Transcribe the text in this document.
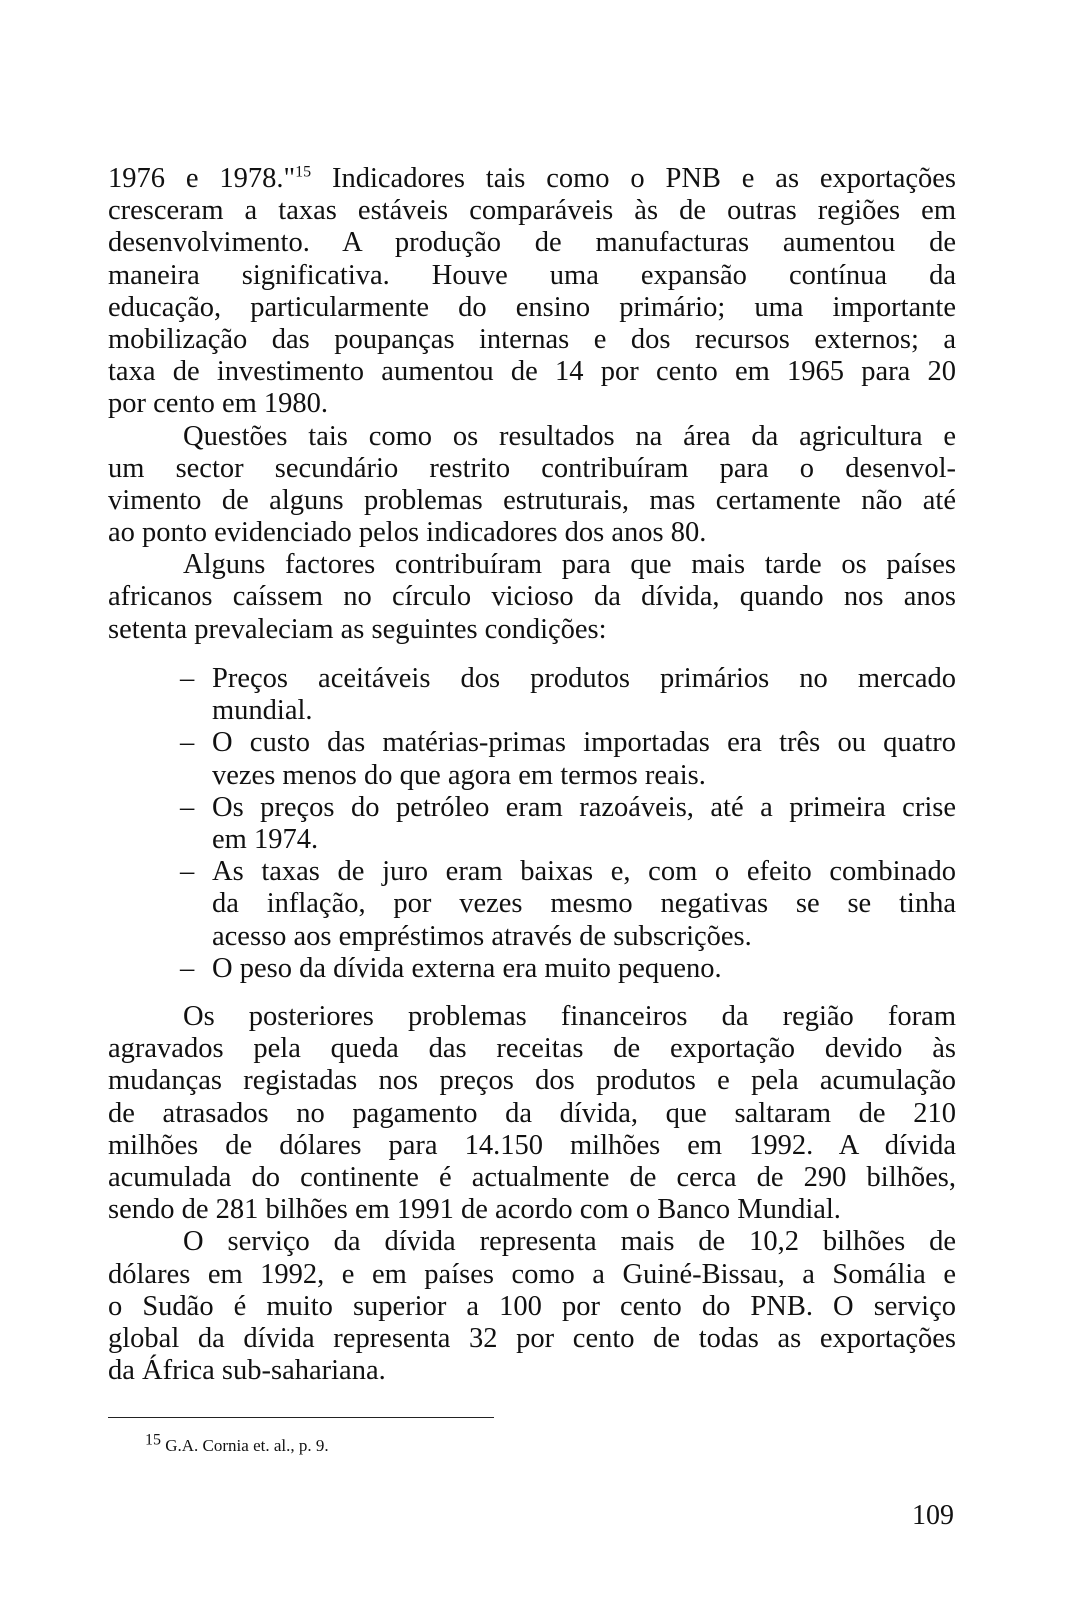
1976 e 1978."$^{15}$ Indicadores tais como o PNB e as exportações
cresceram a taxas estáveis comparáveis às de outras regiões em
desenvolvimento. A produção de manufacturas aumentou de
maneira significativa. Houve uma expansão contínua da
educação, particularmente do ensino primário; uma importante
mobilização das poupanças internas e dos recursos externos; a
taxa de investimento aumentou de 14 por cento em 1965 para 20
por cento em 1980.
Questões tais como os resultados na área da agricultura e
um sector secundário restrito contribuíram para o desenvol-
vimento de alguns problemas estruturais, mas certamente não até
ao ponto evidenciado pelos indicadores dos anos 80.
Alguns factores contribuíram para que mais tarde os países
africanos caíssem no círculo vicioso da dívida, quando nos anos
setenta prevaleciam as seguintes condições:
– Preços aceitáveis dos produtos primários no mercado
mundial.
– O custo das matérias-primas importadas era três ou quatro
vezes menos do que agora em termos reais.
– Os preços do petróleo eram razoáveis, até a primeira crise
em 1974.
– As taxas de juro eram baixas e, com o efeito combinado
da inflação, por vezes mesmo negativas se se tinha
acesso aos empréstimos através de subscrições.
– O peso da dívida externa era muito pequeno.
Os posteriores problemas financeiros da região foram
agravados pela queda das receitas de exportação devido às
mudanças registadas nos preços dos produtos e pela acumulação
de atrasados no pagamento da dívida, que saltaram de 210
milhões de dólares para 14.150 milhões em 1992. A dívida
acumulada do continente é actualmente de cerca de 290 bilhões,
sendo de 281 bilhões em 1991 de acordo com o Banco Mundial.
O serviço da dívida representa mais de 10,2 bilhões de
dólares em 1992, e em países como a Guiné-Bissau, a Somália e
o Sudão é muito superior a 100 por cento do PNB. O serviço
global da dívida representa 32 por cento de todas as exportações
da África sub-sahariana.
15 G.A. Cornia et. al., p. 9.
109
